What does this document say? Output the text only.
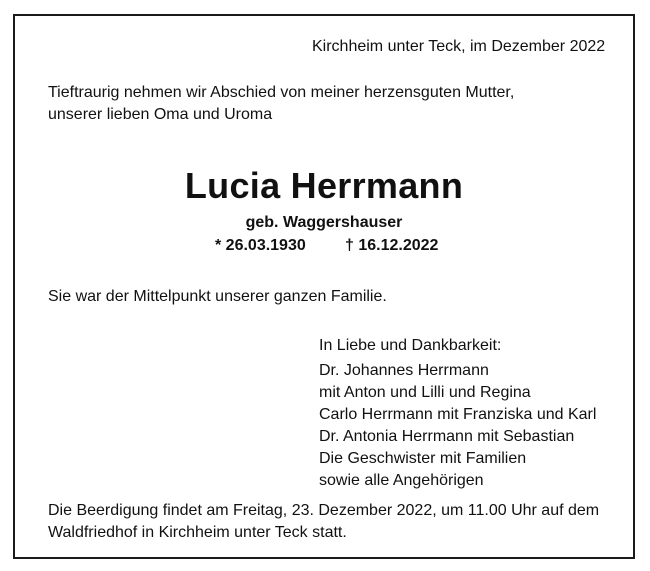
Kirchheim unter Teck, im Dezember 2022
Tieftraurig nehmen wir Abschied von meiner herzensguten Mutter,
unserer lieben Oma und Uroma
Lucia Herrmann
geb. Waggershauser
* 26.03.1930 † 16.12.2022
Sie war der Mittelpunkt unserer ganzen Familie.
In Liebe und Dankbarkeit:
Dr. Johannes Herrmann
mit Anton und Lilli und Regina
Carlo Herrmann mit Franziska und Karl
Dr. Antonia Herrmann mit Sebastian
Die Geschwister mit Familien
sowie alle Angehörigen
Die Beerdigung findet am Freitag, 23. Dezember 2022, um 11.00 Uhr auf dem
Waldfriedhof in Kirchheim unter Teck statt.
